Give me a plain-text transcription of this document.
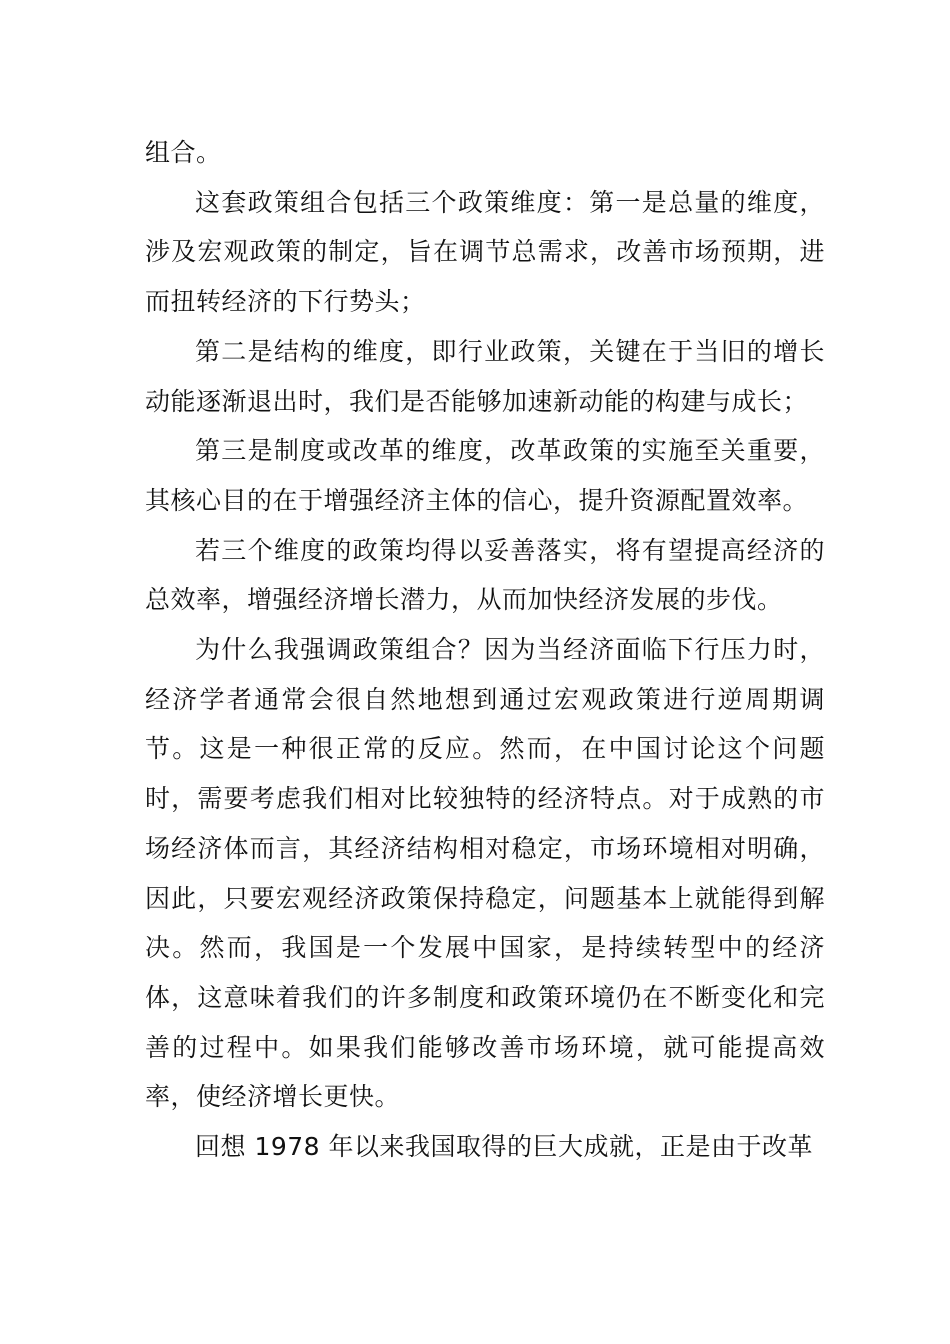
组合。

这套政策组合包括三个政策维度：第一是总量的维度，涉及宏观政策的制定，旨在调节总需求，改善市场预期，进而扭转经济的下行势头；

第二是结构的维度，即行业政策，关键在于当旧的增长动能逐渐退出时，我们是否能够加速新动能的构建与成长；

第三是制度或改革的维度，改革政策的实施至关重要，其核心目的在于增强经济主体的信心，提升资源配置效率。

若三个维度的政策均得以妥善落实，将有望提高经济的总效率，增强经济增长潜力，从而加快经济发展的步伐。

为什么我强调政策组合？因为当经济面临下行压力时，经济学者通常会很自然地想到通过宏观政策进行逆周期调节。这是一种很正常的反应。然而，在中国讨论这个问题时，需要考虑我们相对比较独特的经济特点。对于成熟的市场经济体而言，其经济结构相对稳定，市场环境相对明确，因此，只要宏观经济政策保持稳定，问题基本上就能得到解决。然而，我国是一个发展中国家，是持续转型中的经济体，这意味着我们的许多制度和政策环境仍在不断变化和完善的过程中。如果我们能够改善市场环境，就可能提高效率，使经济增长更快。

回想 1978 年以来我国取得的巨大成就，正是由于改革
